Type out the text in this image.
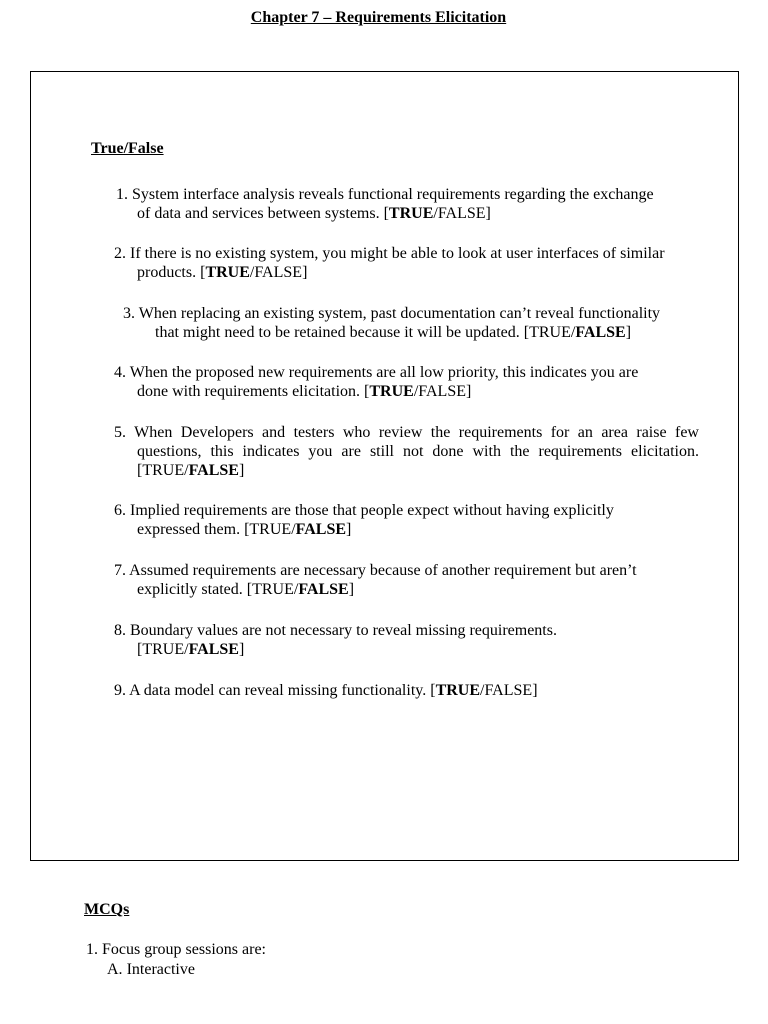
Chapter 7 – Requirements Elicitation
True/False
1. System interface analysis reveals functional requirements regarding the exchange
of data and services between systems. [TRUE/FALSE]
2. If there is no existing system, you might be able to look at user interfaces of similar
products. [TRUE/FALSE]
3. When replacing an existing system, past documentation can’t reveal functionality
that might need to be retained because it will be updated. [TRUE/FALSE]
4. When the proposed new requirements are all low priority, this indicates you are
done with requirements elicitation. [TRUE/FALSE]
5. When Developers and testers who review the requirements for an area raise few
questions, this indicates you are still not done with the requirements elicitation.
[TRUE/FALSE]
6. Implied requirements are those that people expect without having explicitly
expressed them. [TRUE/FALSE]
7. Assumed requirements are necessary because of another requirement but aren’t
explicitly stated. [TRUE/FALSE]
8. Boundary values are not necessary to reveal missing requirements.
[TRUE/FALSE]
9. A data model can reveal missing functionality. [TRUE/FALSE]
MCQs
1. Focus group sessions are:
A. Interactive
